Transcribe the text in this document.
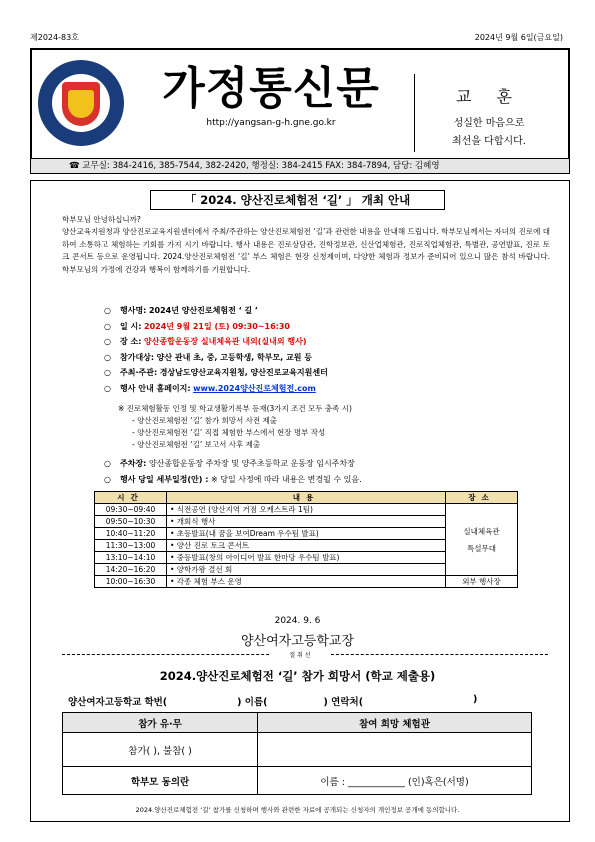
제2024-83호	2024년 9월 6일(금요일)
YSGH	가정통신문
http://yangsan-g-h.gne.go.kr
교 훈
성실한 마음으로
최선을 다합시다.
☎ 교무실: 384-2416, 385-7544, 382-2420, 행정실: 384-2415 FAX: 384-7894, 담당: 김혜영
「 2024. 양산진로체험전 ‘길’ 」 개최 안내
학부모님 안녕하십니까?
양산교육지원청과 양산진로교육지원센터에서 주최/주관하는 양산진로체험전 ‘길’과 관련한 내용을 안내해 드립니다. 학부모님께서는 자녀의 진로에 대하여 소통하고 체험하는 기회를 가지 시기 바랍니다. 행사 내용은 진로상담관, 진학정보관, 신산업체험관, 진로직업체험관, 특별관, 공연발표, 진로 토크 콘서트 등으로 운영됩니다. 2024.양산진로체험전 ‘길’ 부스 체험은 현장 신청제이며, 다양한 체험과 정보가 준비되어 있으니 많은 참석 바랍니다. 학부모님의 가정에 건강과 행복이 함께하기를 기원합니다.
○	행사명:
2024년 양산진로체험전 ‘ 길 ’
○	일 시:
2024년 9월 21일 (토) 09:30~16:30
○	장 소:
양산종합운동장 실내체육관 내외(실내외 행사)
○	참가대상:
양산 관내 초, 중, 고등학생, 학부모, 교원 등
○	주최·주관:
경상남도양산교육지원청, 양산진로교육지원센터
○	행사 안내 홈페이지:
www.2024양산진로체험전.com
※ 진로체험활동 인정 및 학교생활기록부 등재(3가지 조건 모두 충족 시)
- 양산진로체험전 ‘길’ 참가 희망서 사전 제출
- 양산진로체험전 ‘길’ 직접 체험한 부스에서 현장 명부 작성
- 양산진로체험전 ‘길’ 보고서 사후 제출
○	주차장:
양산종합운동장 주차장 및 양주초등학교 운동장 임시주차장
○	행사 당일 세부일정(안) :
※ 당일 사정에 따라 내용은 변경될 수 있음.
시간	내용	장소
09:30~09:40	• 식전공연 (양산지역 거점 오케스트라 1팀)	실내체육관
특설무대

09:50~10:30	• 개회식 행사	
10:40~11:20	• 초등발표(내 꿈을 보여Dream 우수팀 발표)	
11:30~13:00	• 양산 진로 토크 콘서트	
13:10~14:10	• 중등발표(창의 아이디어 발표 한마당 우수팀 발표)	
14:20~16:20	• 양학가왕 결선 회	
10:00~16:30	• 각종 체험 부스 운영	외부 행사장
2024. 9. 6
양산여자고등학교장
절 취 선
2024.양산진로체험전 ‘길’ 참가 희망서 (학교 제출용)
양산여자고등학교
학번(	) 이름(	) 연락처(	)
참가 유·무	참여 희망 체험관
참가( ), 불참( )	
학부모 동의란	이름 : ____________ (인)혹은(서명)
2024.양산진로체험전 ‘길’ 참가를 신청하며 행사와 관련한 자료에 공개되는 신청자의 개인정보 공개에 동의합니다.
